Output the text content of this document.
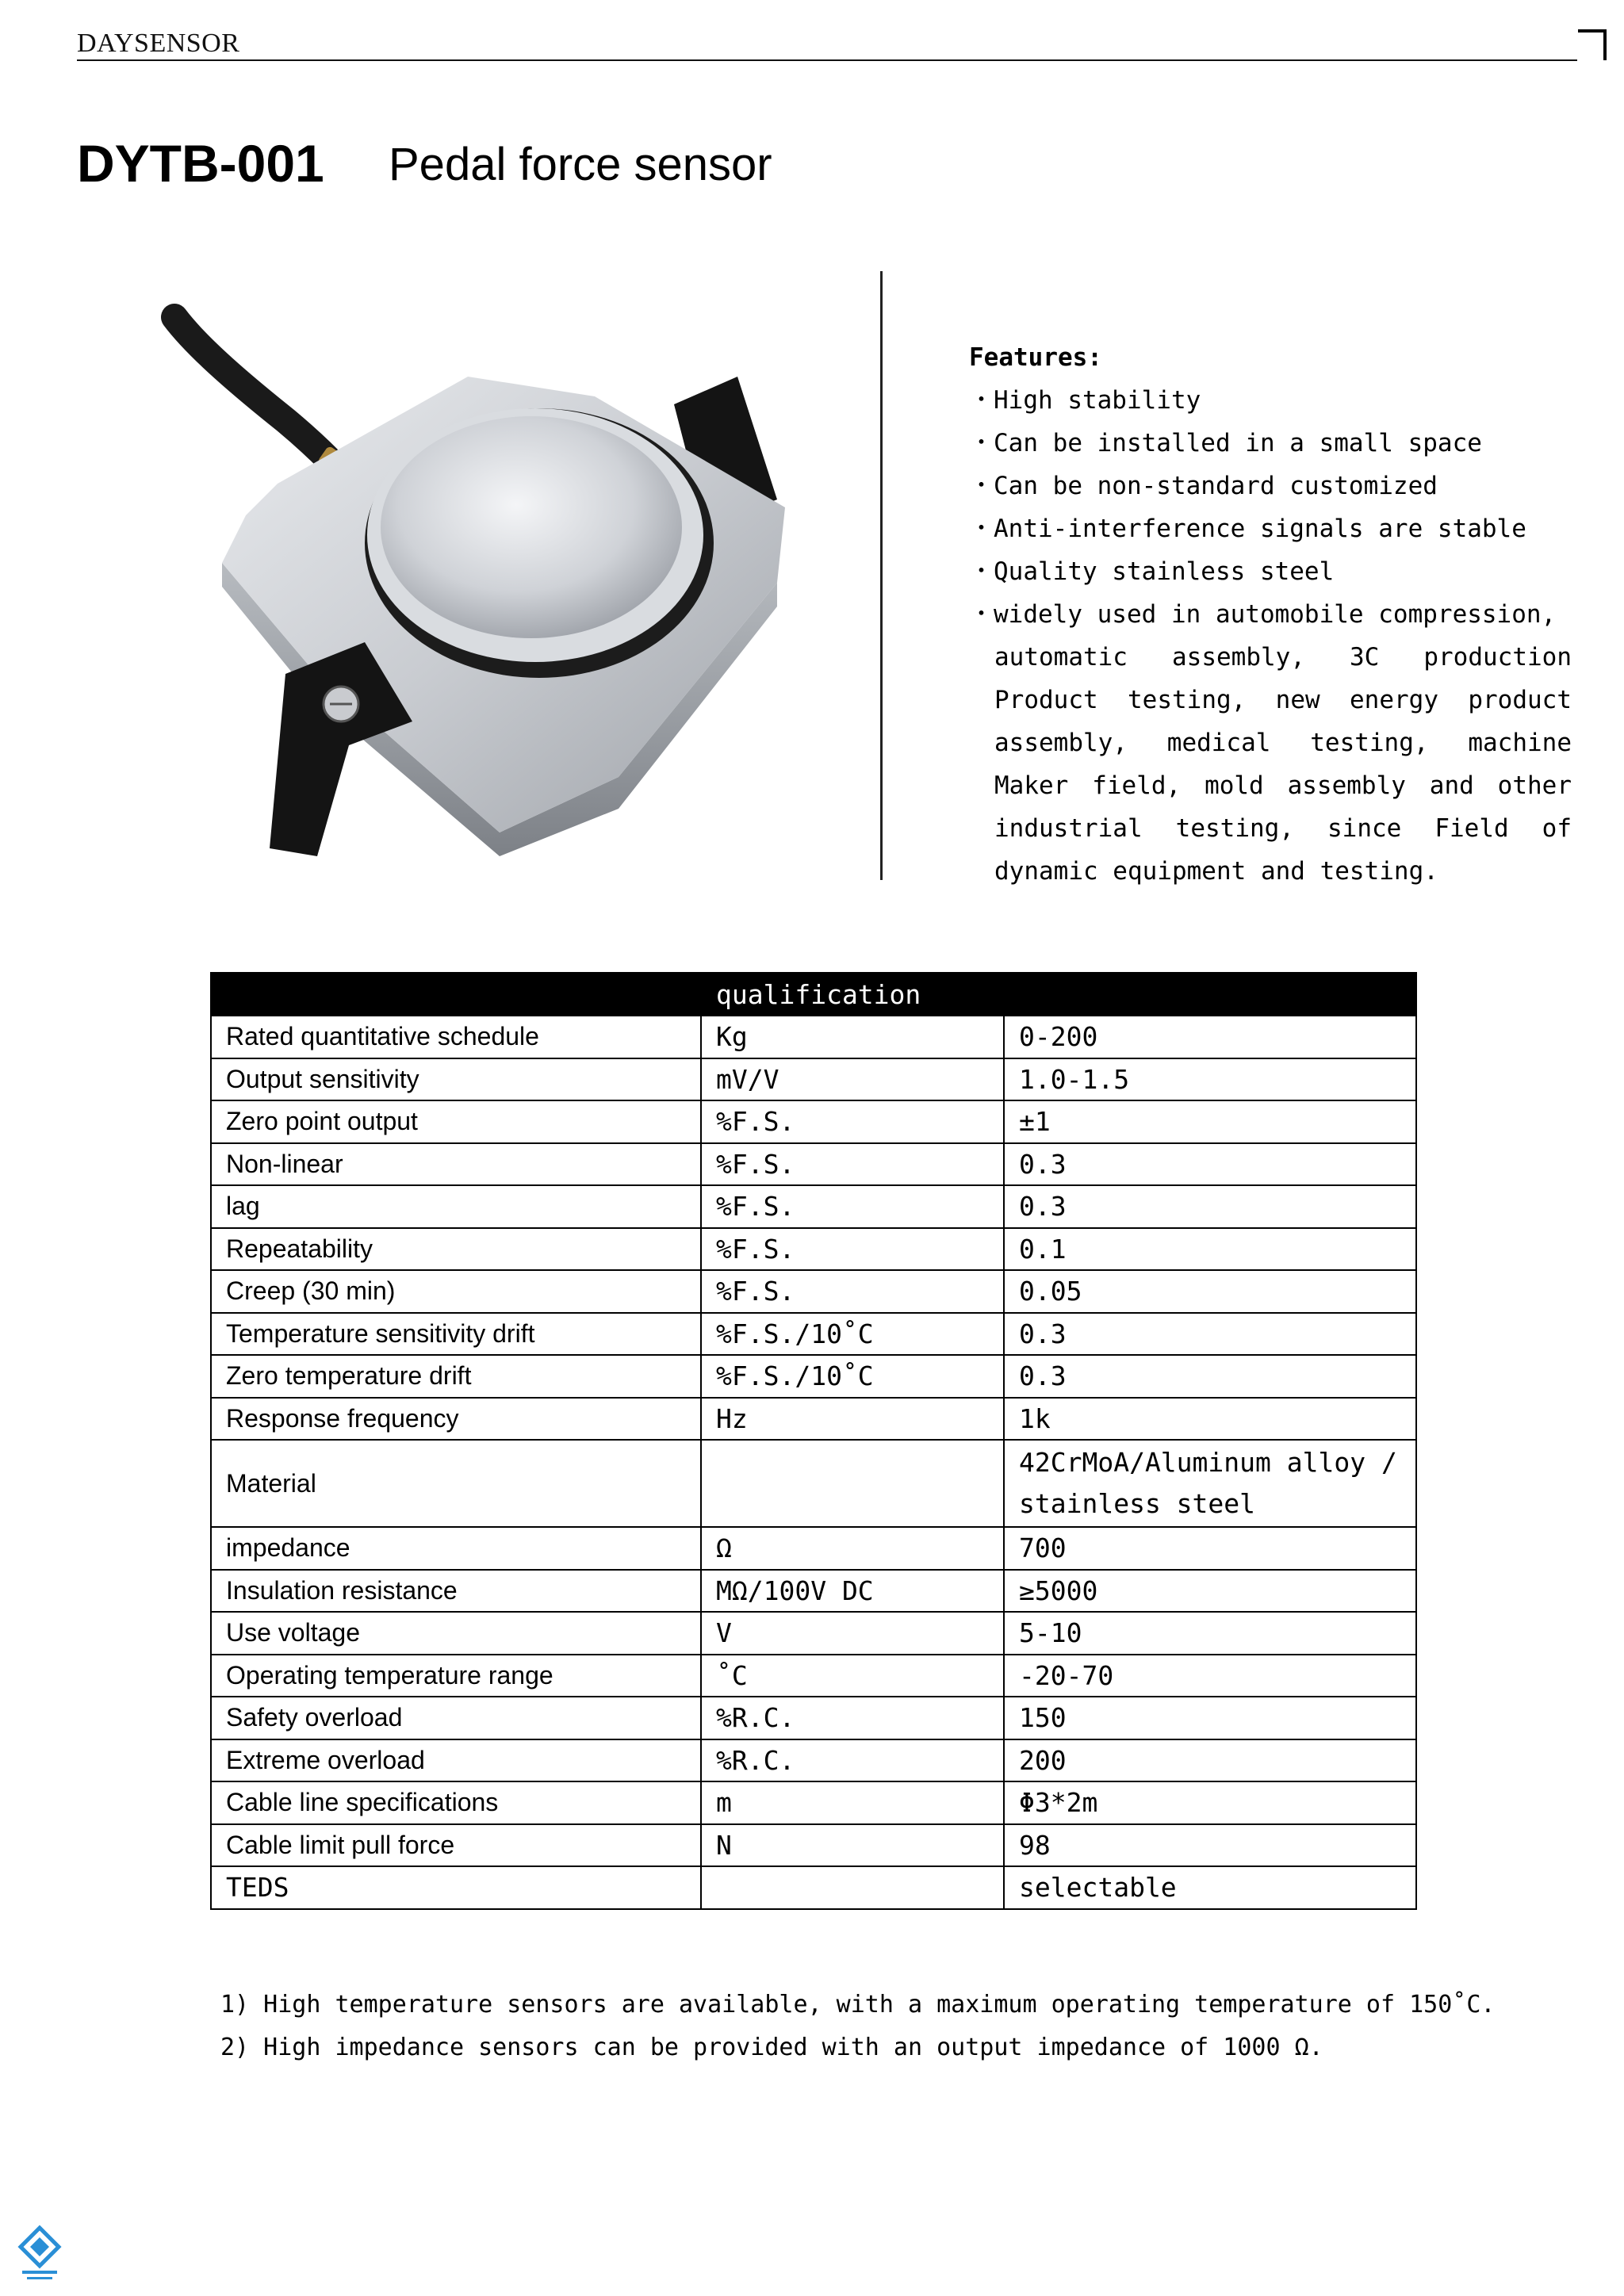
DAYSENSOR
DYTB-001 Pedal force sensor
Features:
・High stability
・Can be installed in a small space
・Can be non-standard customized
・Anti-interference signals are stable
・Quality stainless steel
・widely used in automobile compression,
automatic assembly, 3C production Product testing, new energy product assembly, medical testing, machine Maker field, mold assembly and other industrial testing, since Field of dynamic equipment and testing.
	qualification	
Rated quantitative schedule	Kg	0-200
Output sensitivity	mV/V	1.0-1.5
Zero point output	%F.S.	±1
Non-linear	%F.S.	0.3
lag	%F.S.	0.3
Repeatability	%F.S.	0.1
Creep (30 min)	%F.S.	0.05
Temperature sensitivity drift	%F.S./10˚C	0.3
Zero temperature drift	%F.S./10˚C	0.3
Response frequency	Hz	1k
Material		42CrMoA/Aluminum alloy / stainless steel
impedance	Ω	700
Insulation resistance	MΩ/100V DC	≥5000
Use voltage	V	5-10
Operating temperature range	˚C	-20-70
Safety overload	%R.C.	150
Extreme overload	%R.C.	200
Cable line specifications	m	Φ3*2m
Cable limit pull force	N	98
TEDS		selectable
1) High temperature sensors are available, with a maximum operating temperature of 150˚C.
2) High impedance sensors can be provided with an output impedance of 1000 Ω.
